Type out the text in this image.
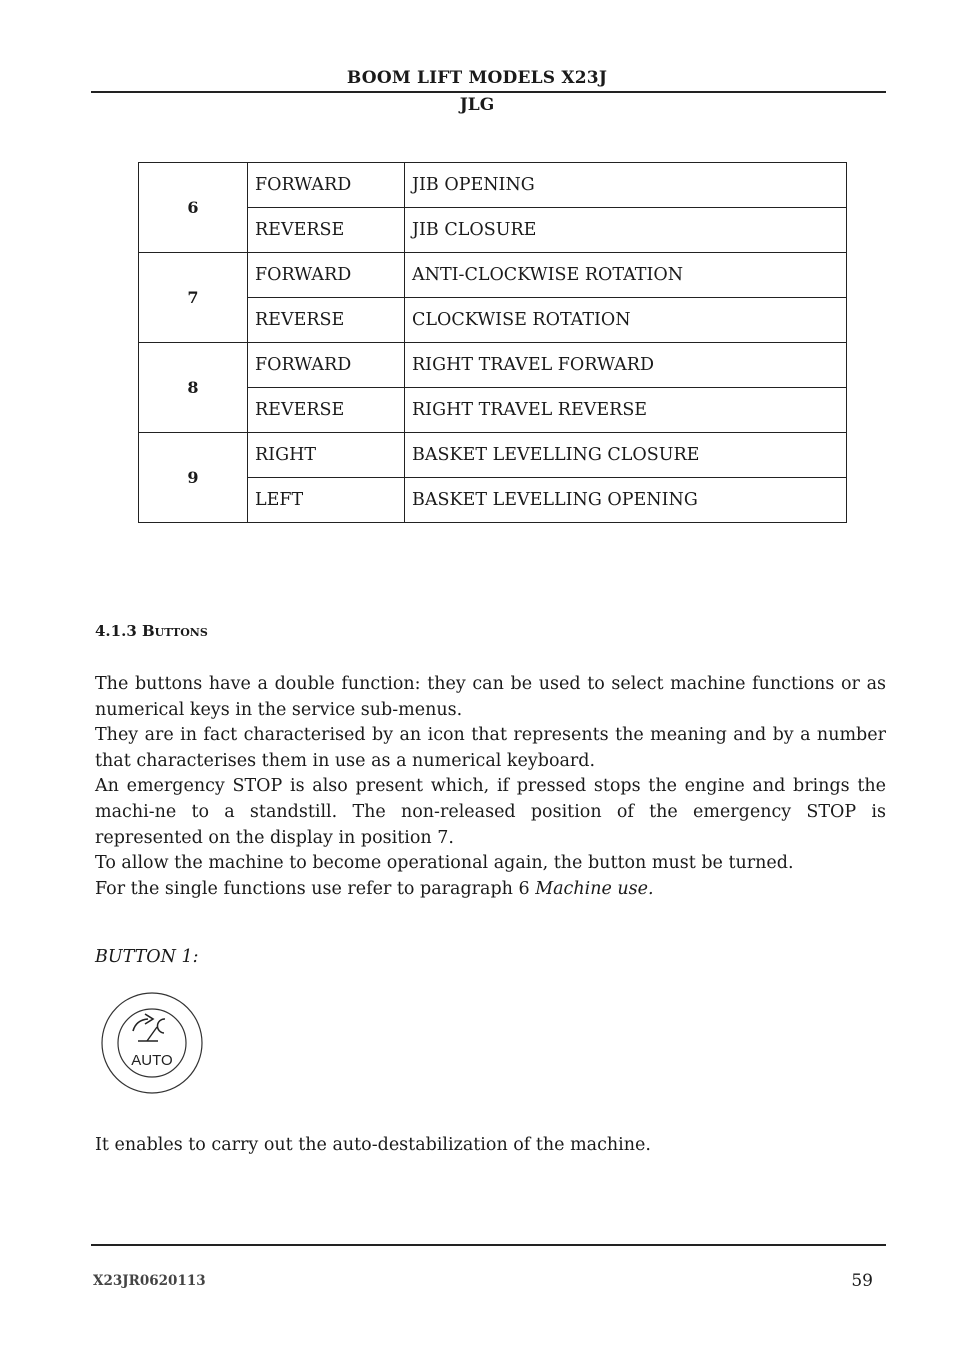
BOOM LIFT MODELS X23J
JLG
6	FORWARD	JIB OPENING
	REVERSE	JIB CLOSURE
7	FORWARD	ANTI-CLOCKWISE ROTATION
	REVERSE	CLOCKWISE ROTATION
8	FORWARD	RIGHT TRAVEL FORWARD
	REVERSE	RIGHT TRAVEL REVERSE
9	RIGHT	BASKET LEVELLING CLOSURE
	LEFT	BASKET LEVELLING OPENING
4.1.3 Buttons

The buttons have a double function: they can be used to select machine functions or as numerical keys in the service sub-menus.

They are in fact characterised by an icon that represents the meaning and by a number that characterises them in use as a numerical keyboard.

An emergency STOP is also present which, if pressed stops the engine and brings the machi-ne to a standstill. The non-released position of the emergency STOP is represented on the display in position 7.

To allow the machine to become operational again, the button must be turned.

For the single functions use refer to paragraph 6 Machine use.

BUTTON 1:
AUTO
It enables to carry out the auto-destabilization of the machine.
X23JR0620113	59
